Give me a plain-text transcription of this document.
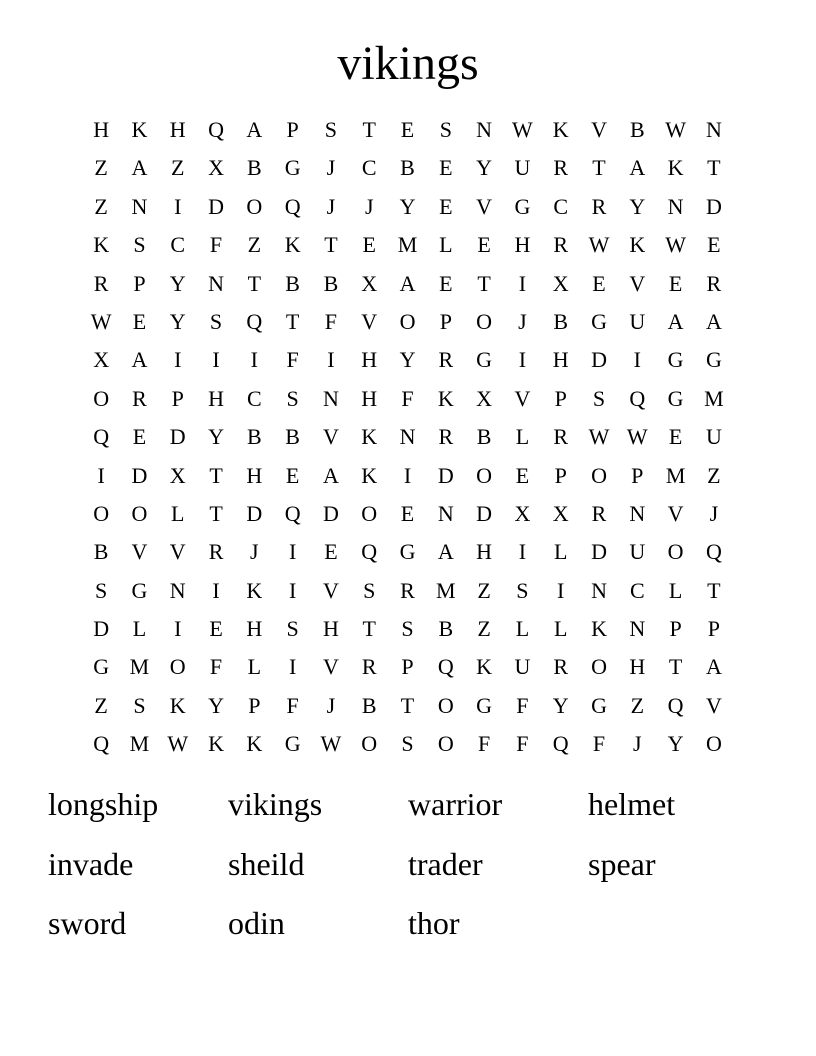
vikings
H	K	H	Q	A	P	S	T	E	S	N W K	V	B W N
Z	A	Z	X	B	G	J	C	B	E	Y	U	R	T	A	K	T
Z	N	I	D	O	Q	J	J	Y	E	V	G	C	R	Y	N	D
K	S	C	F	Z	K	T	E M L	E	H	R W K W E
R	P	Y	N	T	B	B	X	A	E	T	I	X	E	V	E	R
W E	Y	S	Q	T	F	V	O	P	O	J	B	G	U	A	A
X	A	I	I	I	F	I	H	Y	R	G	I	H	D	I	G	G
O	R	P	H	C	S	N	H	F	K	X	V	P	S	Q	G M
Q	E	D	Y	B	B	V	K	N	R	B	L	R W W E	U
I	D	X	T	H	E	A	K	I	D	O	E	P	O	P	M Z
O	O	L	T	D	Q	D	O	E	N	D	X	X	R	N	V	J
B	V	V	R	J	I	E	Q	G	A	H	I	L	D	U	O	Q
S	G	N	I	K	I	V	S	R M Z	S	I	N	C	L	T
D	L	I	E	H	S	H	T	S	B	Z	L	L	K	N	P	P
G M O	F	L	I	V	R	P	Q	K	U	R	O	H	T	A
Z	S	K	Y	P	F	J	B	T	O	G	F	Y	G	Z	Q	V
Q M W K	K	G W O	S	O	F	F	Q	F	J	Y	O
longship	vikings	warrior	helmet
invade	sheild	trader	spear
sword	odin	thor
